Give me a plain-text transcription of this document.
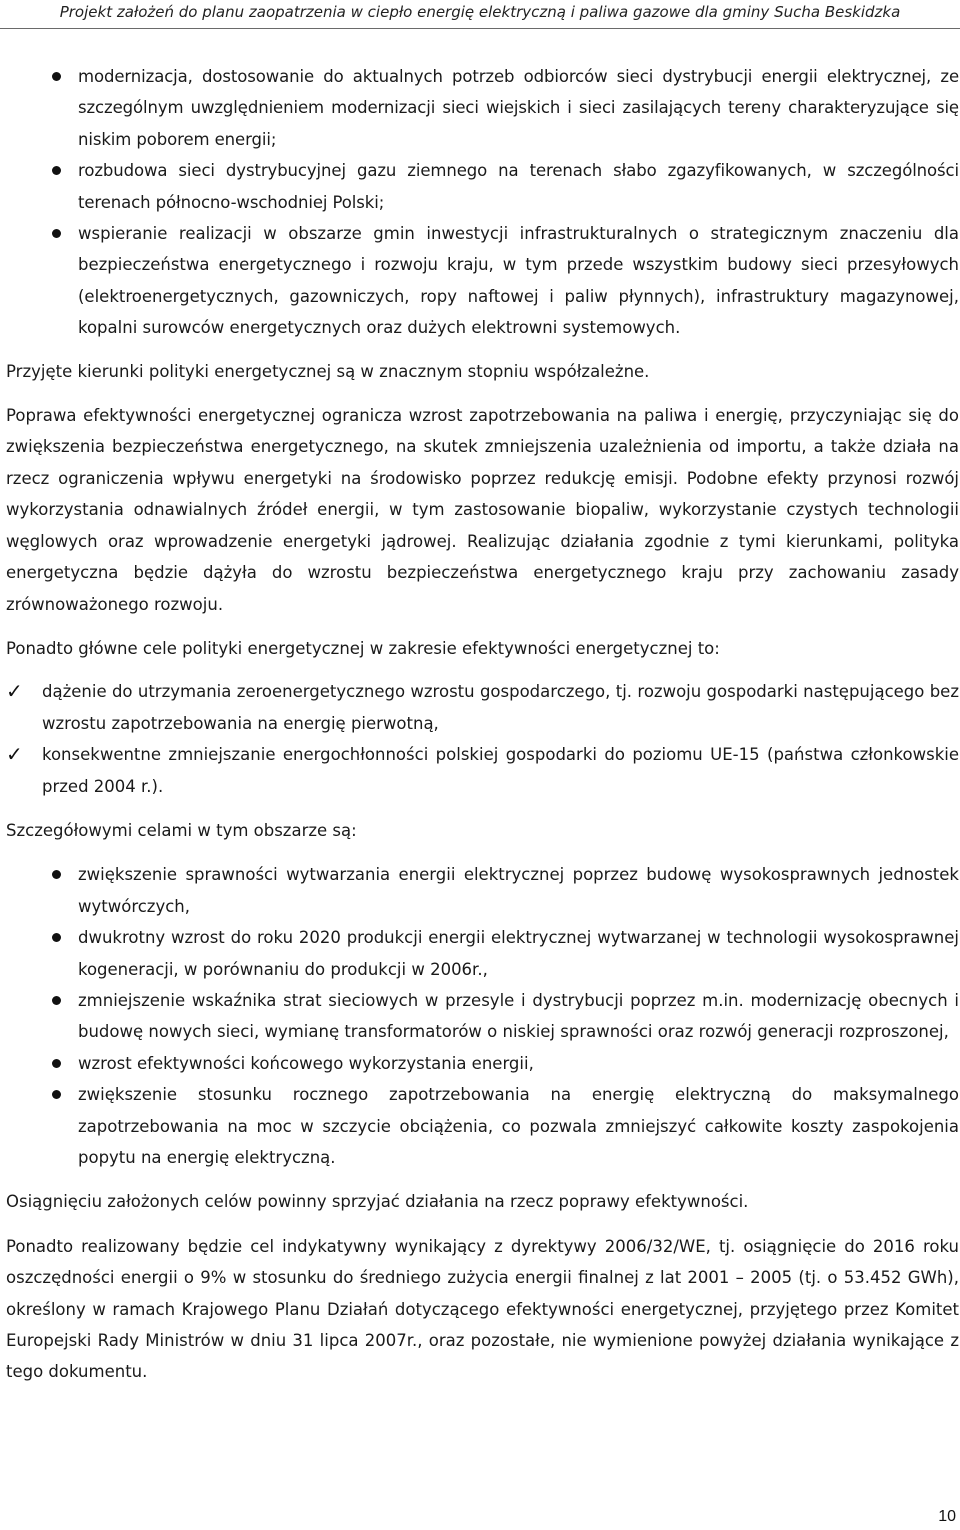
Projekt założeń do planu zaopatrzenia w ciepło energię elektryczną i paliwa gazowe dla gminy Sucha Beskidzka
modernizacja, dostosowanie do aktualnych potrzeb odbiorców sieci dystrybucji energii elektrycznej, ze szczególnym uwzględnieniem modernizacji sieci wiejskich i sieci zasilających tereny charakteryzujące się niskim poborem energii;
rozbudowa sieci dystrybucyjnej gazu ziemnego na terenach słabo zgazyfikowanych, w szczególności terenach północno-wschodniej Polski;
wspieranie realizacji w obszarze gmin inwestycji infrastrukturalnych o strategicznym znaczeniu dla bezpieczeństwa energetycznego i rozwoju kraju, w tym przede wszystkim budowy sieci przesyłowych (elektroenergetycznych, gazowniczych, ropy naftowej i paliw płynnych), infrastruktury magazynowej, kopalni surowców energetycznych oraz dużych elektrowni systemowych.

Przyjęte kierunki polityki energetycznej są w znacznym stopniu współzależne.

Poprawa efektywności energetycznej ogranicza wzrost zapotrzebowania na paliwa i energię, przyczyniając się do zwiększenia bezpieczeństwa energetycznego, na skutek zmniejszenia uzależnienia od importu, a także działa na rzecz ograniczenia wpływu energetyki na środowisko poprzez redukcję emisji. Podobne efekty przynosi rozwój wykorzystania odnawialnych źródeł energii, w tym zastosowanie biopaliw, wykorzystanie czystych technologii węglowych oraz wprowadzenie energetyki jądrowej. Realizując działania zgodnie z tymi kierunkami, polityka energetyczna będzie dążyła do wzrostu bezpieczeństwa energetycznego kraju przy zachowaniu zasady zrównoważonego rozwoju.

Ponadto główne cele polityki energetycznej w zakresie efektywności energetycznej to:

✓ dążenie do utrzymania zeroenergetycznego wzrostu gospodarczego, tj. rozwoju gospodarki następującego bez wzrostu zapotrzebowania na energię pierwotną,
✓ konsekwentne zmniejszanie energochłonności polskiej gospodarki do poziomu UE-15 (państwa członkowskie przed 2004 r.).

Szczegółowymi celami w tym obszarze są:

zwiększenie sprawności wytwarzania energii elektrycznej poprzez budowę wysokosprawnych jednostek wytwórczych,
dwukrotny wzrost do roku 2020 produkcji energii elektrycznej wytwarzanej w technologii wysokosprawnej kogeneracji, w porównaniu do produkcji w 2006r.,
zmniejszenie wskaźnika strat sieciowych w przesyle i dystrybucji poprzez m.in. modernizację obecnych i budowę nowych sieci, wymianę transformatorów o niskiej sprawności oraz rozwój generacji rozproszonej,
wzrost efektywności końcowego wykorzystania energii,
zwiększenie stosunku rocznego zapotrzebowania na energię elektryczną do maksymalnego zapotrzebowania na moc w szczycie obciążenia, co pozwala zmniejszyć całkowite koszty zaspokojenia popytu na energię elektryczną.

Osiągnięciu założonych celów powinny sprzyjać działania na rzecz poprawy efektywności.

Ponadto realizowany będzie cel indykatywny wynikający z dyrektywy 2006/32/WE, tj. osiągnięcie do 2016 roku oszczędności energii o 9% w stosunku do średniego zużycia energii finalnej z lat 2001 – 2005 (tj. o 53.452 GWh), określony w ramach Krajowego Planu Działań dotyczącego efektywności energetycznej, przyjętego przez Komitet Europejski Rady Ministrów w dniu 31 lipca 2007r., oraz pozostałe, nie wymienione powyżej działania wynikające z tego dokumentu.

10
